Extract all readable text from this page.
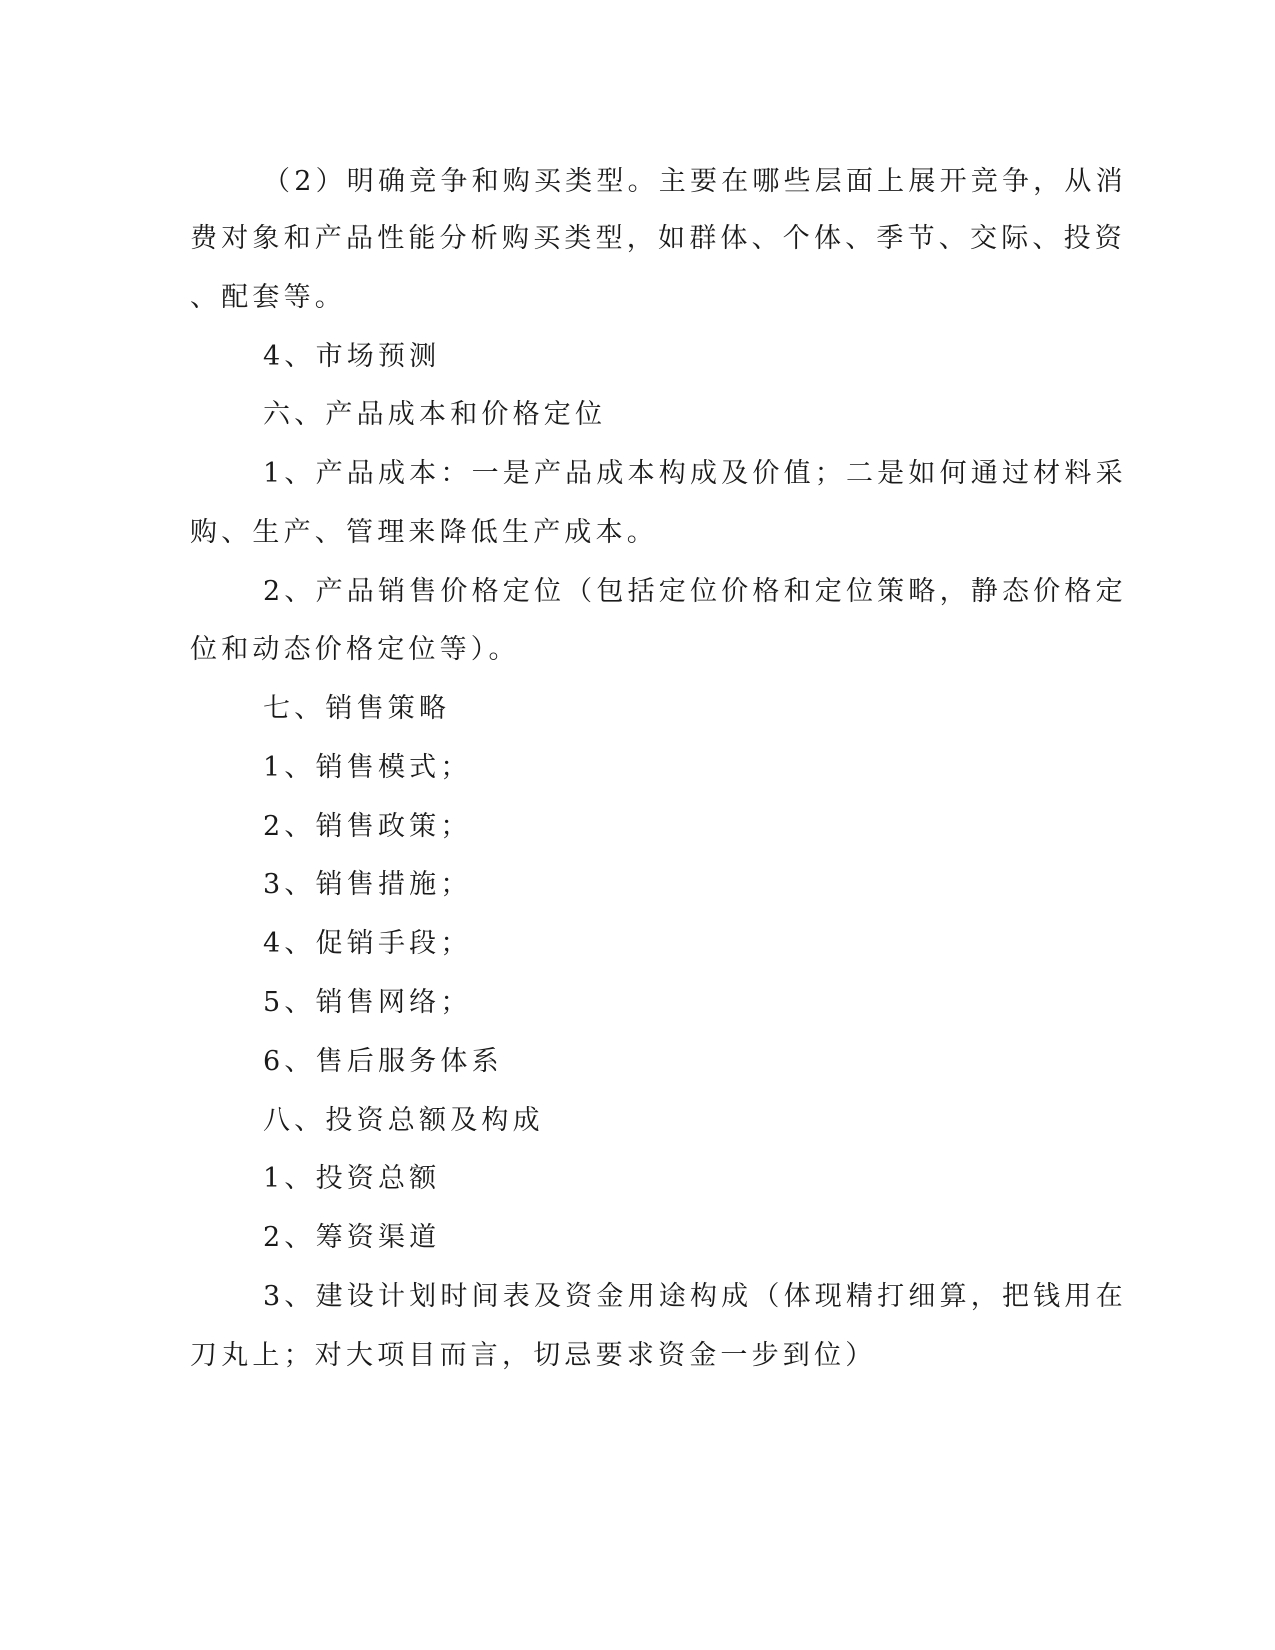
（2）明确竞争和购买类型。主要在哪些层面上展开竞争，从消
费对象和产品性能分析购买类型，如群体、个体、季节、交际、投资
、配套等。
4、市场预测
六、产品成本和价格定位
1、产品成本：一是产品成本构成及价值；二是如何通过材料采
购、生产、管理来降低生产成本。
2、产品销售价格定位（包括定位价格和定位策略，静态价格定
位和动态价格定位等）。
七、销售策略
1、销售模式；
2、销售政策；
3、销售措施；
4、促销手段；
5、销售网络；
6、售后服务体系
八、投资总额及构成
1、投资总额
2、筹资渠道
3、建设计划时间表及资金用途构成（体现精打细算，把钱用在
刀丸上；对大项目而言，切忌要求资金一步到位）
